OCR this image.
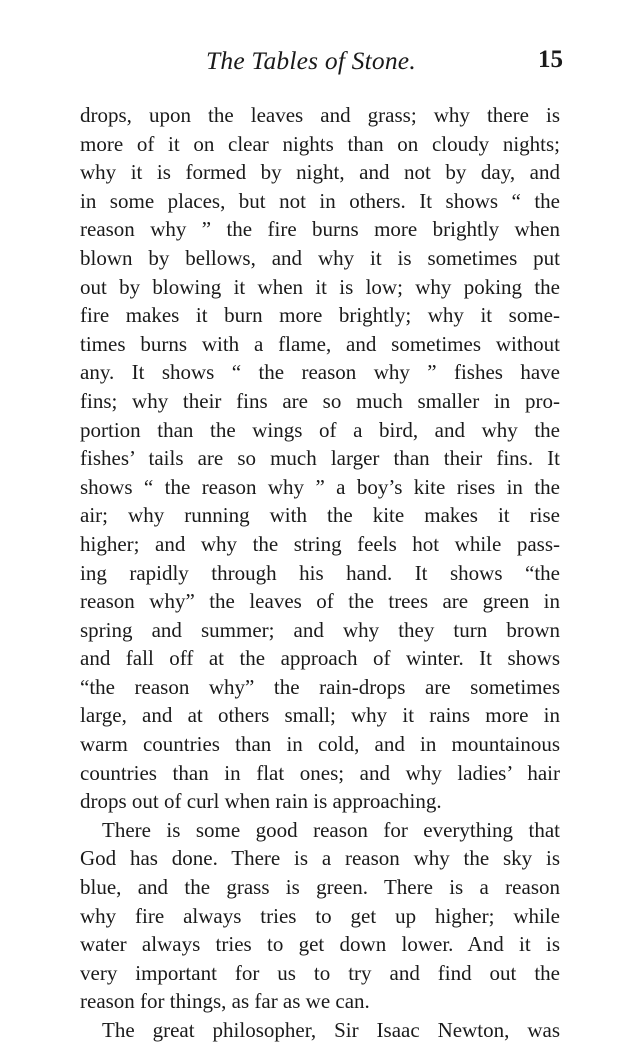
The Tables of Stone.	15
drops, upon the leaves and grass; why there is
more of it on clear nights than on cloudy nights;
why it is formed by night, and not by day, and
in some places, but not in others. It shows “ the
reason why ” the fire burns more brightly when
blown by bellows, and why it is sometimes put
out by blowing it when it is low; why poking the
fire makes it burn more brightly; why it some-
times burns with a flame, and sometimes without
any. It shows “ the reason why ” fishes have
fins; why their fins are so much smaller in pro-
portion than the wings of a bird, and why the
fishes’ tails are so much larger than their fins. It
shows “ the reason why ” a boy’s kite rises in the
air; why running with the kite makes it rise
higher; and why the string feels hot while pass-
ing rapidly through his hand. It shows “the
reason why” the leaves of the trees are green in
spring and summer; and why they turn brown
and fall off at the approach of winter. It shows
“the reason why” the rain-drops are sometimes
large, and at others small; why it rains more in
warm countries than in cold, and in mountainous
countries than in flat ones; and why ladies’ hair
drops out of curl when rain is approaching.
There is some good reason for everything that
God has done. There is a reason why the sky is
blue, and the grass is green. There is a reason
why fire always tries to get up higher; while
water always tries to get down lower. And it is
very important for us to try and find out the
reason for things, as far as we can.
The great philosopher, Sir Isaac Newton, was
